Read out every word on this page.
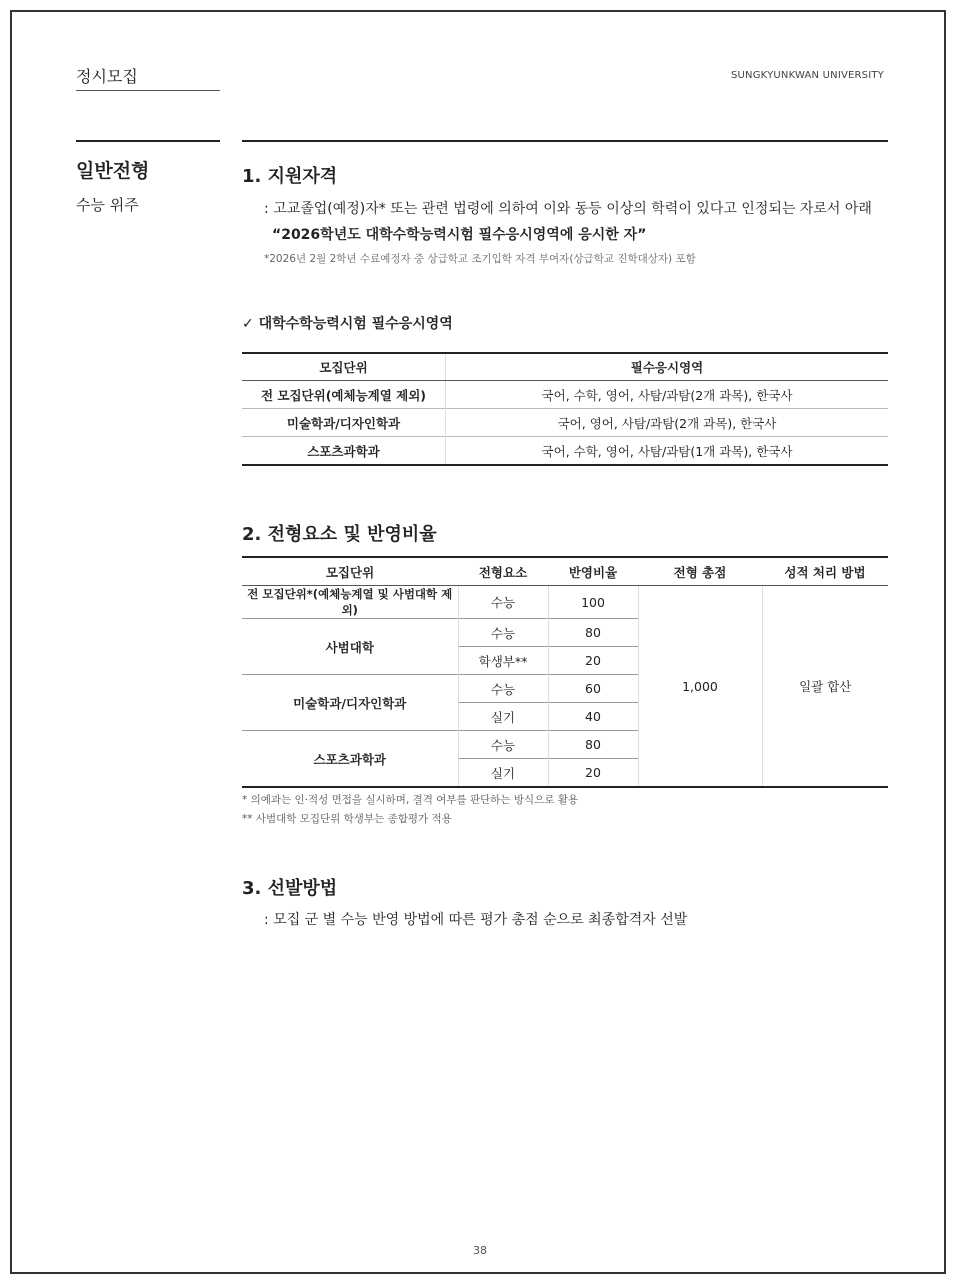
정시모집	SUNGKYUNKWAN UNIVERSITY
일반전형
수능 위주
1. 지원자격
: 고교졸업(예정)자* 또는 관련 법령에 의하여 이와 동등 이상의 학력이 있다고 인정되는 자로서 아래
“2026학년도 대학수학능력시험 필수응시영역에 응시한 자”
*2026년 2월 2학년 수료예정자 중 상급학교 조기입학 자격 부여자(상급학교 진학대상자) 포함
✓ 대학수학능력시험 필수응시영역
모집단위	필수응시영역
전 모집단위(예체능계열 제외)	국어, 수학, 영어, 사탐/과탐(2개 과목), 한국사
미술학과/디자인학과	국어, 영어, 사탐/과탐(2개 과목), 한국사
스포츠과학과	국어, 수학, 영어, 사탐/과탐(1개 과목), 한국사
2. 전형요소 및 반영비율
모집단위	전형요소	반영비율	전형 총점	성적 처리 방법
전 모집단위*(예체능계열 및 사범대학 제외)	수능	100	1,000	일괄 합산
사범대학	수능	80		
	학생부**	20		
미술학과/디자인학과	수능	60		
	실기	40		
스포츠과학과	수능	80		
	실기	20		
* 의예과는 인·적성 면접을 실시하며, 결격 여부를 판단하는 방식으로 활용
** 사범대학 모집단위 학생부는 종합평가 적용
3. 선발방법
: 모집 군 별 수능 반영 방법에 따른 평가 총점 순으로 최종합격자 선발
38
